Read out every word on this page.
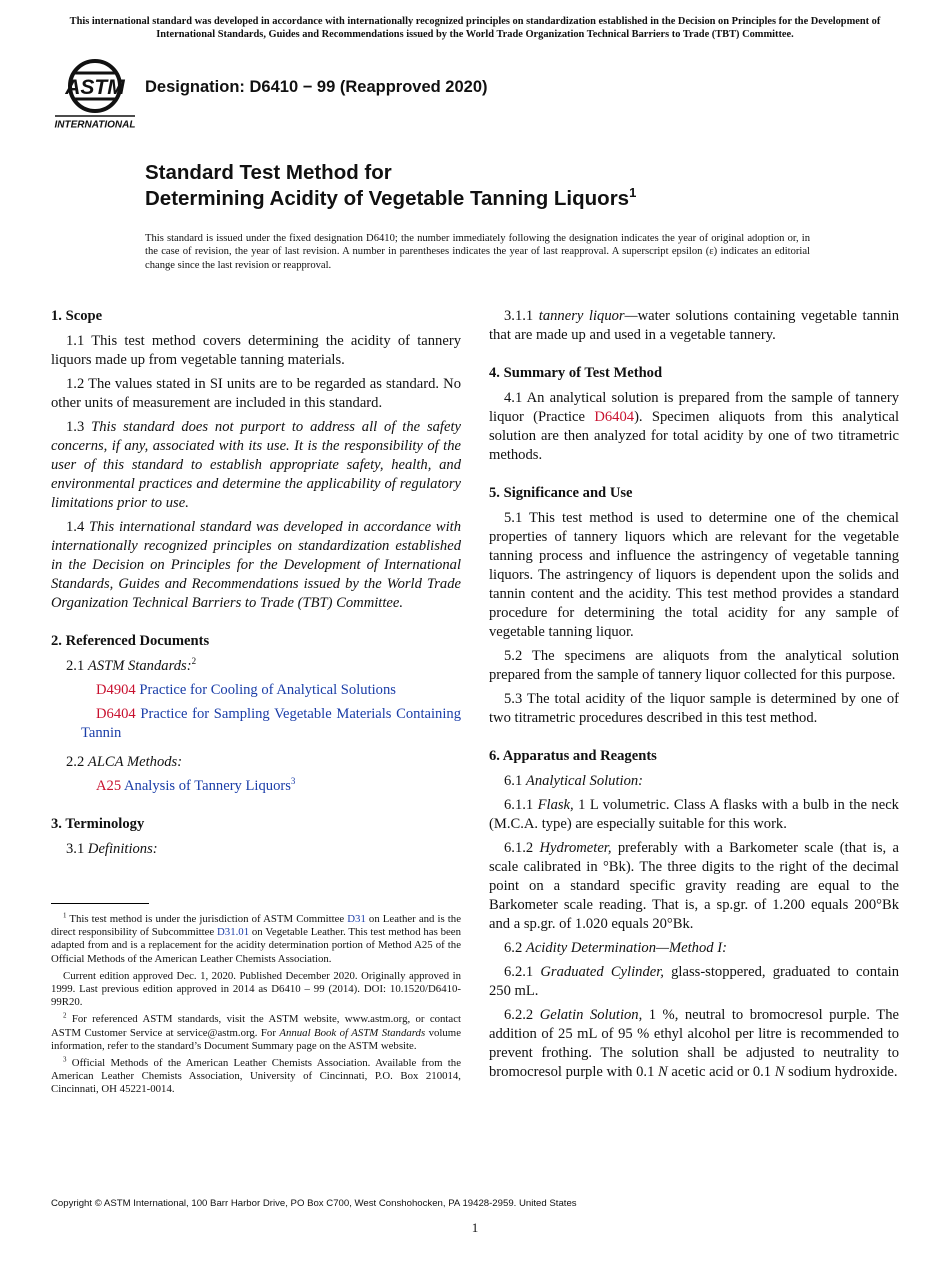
This international standard was developed in accordance with internationally recognized principles on standardization established in the Decision on Principles for the Development of International Standards, Guides and Recommendations issued by the World Trade Organization Technical Barriers to Trade (TBT) Committee.
ASTM
INTERNATIONAL
Designation: D6410 − 99 (Reapproved 2020)
Standard Test Method for
Determining Acidity of Vegetable Tanning Liquors$^1$
This standard is issued under the fixed designation D6410; the number immediately following the designation indicates the year of original adoption or, in the case of revision, the year of last revision. A number in parentheses indicates the year of last reapproval. A superscript epsilon (ε) indicates an editorial change since the last revision or reapproval.
1. Scope

1.1 This test method covers determining the acidity of tannery liquors made up from vegetable tanning materials.

1.2 The values stated in SI units are to be regarded as standard. No other units of measurement are included in this standard.

1.3 This standard does not purport to address all of the safety concerns, if any, associated with its use. It is the responsibility of the user of this standard to establish appropriate safety, health, and environmental practices and determine the applicability of regulatory limitations prior to use.

1.4 This international standard was developed in accordance with internationally recognized principles on standardization established in the Decision on Principles for the Development of International Standards, Guides and Recommendations issued by the World Trade Organization Technical Barriers to Trade (TBT) Committee.

2. Referenced Documents

2.1 ASTM Standards:$^2$

D4904 Practice for Cooling of Analytical Solutions

D6404 Practice for Sampling Vegetable Materials Containing Tannin

2.2 ALCA Methods:

A25 Analysis of Tannery Liquors$^3$

3. Terminology

3.1 Definitions:

3.1.1 tannery liquor—water solutions containing vegetable tannin that are made up and used in a vegetable tannery.

4. Summary of Test Method

4.1 An analytical solution is prepared from the sample of tannery liquor (Practice D6404). Specimen aliquots from this analytical solution are then analyzed for total acidity by one of two titrametric methods.

5. Significance and Use

5.1 This test method is used to determine one of the chemical properties of tannery liquors which are relevant for the vegetable tanning process and influence the astringency of vegetable tanning liquors. The astringency of liquors is dependent upon the solids and tannin content and the acidity. This test method provides a standard procedure for determining the total acidity for any sample of vegetable tanning liquor.

5.2 The specimens are aliquots from the analytical solution prepared from the sample of tannery liquor collected for this purpose.

5.3 The total acidity of the liquor sample is determined by one of two titrametric procedures described in this test method.

6. Apparatus and Reagents

6.1 Analytical Solution:

6.1.1 Flask, 1 L volumetric. Class A flasks with a bulb in the neck (M.C.A. type) are especially suitable for this work.

6.1.2 Hydrometer, preferably with a Barkometer scale (that is, a scale calibrated in °Bk). The three digits to the right of the decimal point on a standard specific gravity reading are equal to the Barkometer scale reading. That is, a sp.gr. of 1.200 equals 200°Bk and a sp.gr. of 1.020 equals 20°Bk.

6.2 Acidity Determination—Method I:

6.2.1 Graduated Cylinder, glass-stoppered, graduated to contain 250 mL.

6.2.2 Gelatin Solution, 1 %, neutral to bromocresol purple. The addition of 25 mL of 95 % ethyl alcohol per litre is recommended to prevent frothing. The solution shall be adjusted to neutrality to bromocresol purple with 0.1 N acetic acid or 0.1 N sodium hydroxide.

$^1$ This test method is under the jurisdiction of ASTM Committee D31 on Leather and is the direct responsibility of Subcommittee D31.01 on Vegetable Leather. This test method has been adapted from and is a replacement for the acidity determination portion of Method A25 of the Official Methods of the American Leather Chemists Association.

Current edition approved Dec. 1, 2020. Published December 2020. Originally approved in 1999. Last previous edition approved in 2014 as D6410 – 99 (2014). DOI: 10.1520/D6410-99R20.

$^2$ For referenced ASTM standards, visit the ASTM website, www.astm.org, or contact ASTM Customer Service at service@astm.org. For Annual Book of ASTM Standards volume information, refer to the standard’s Document Summary page on the ASTM website.

$^3$ Official Methods of the American Leather Chemists Association. Available from the American Leather Chemists Association, University of Cincinnati, P.O. Box 210014, Cincinnati, OH 45221-0014.

Copyright © ASTM International, 100 Barr Harbor Drive, PO Box C700, West Conshohocken, PA 19428-2959. United States
1
